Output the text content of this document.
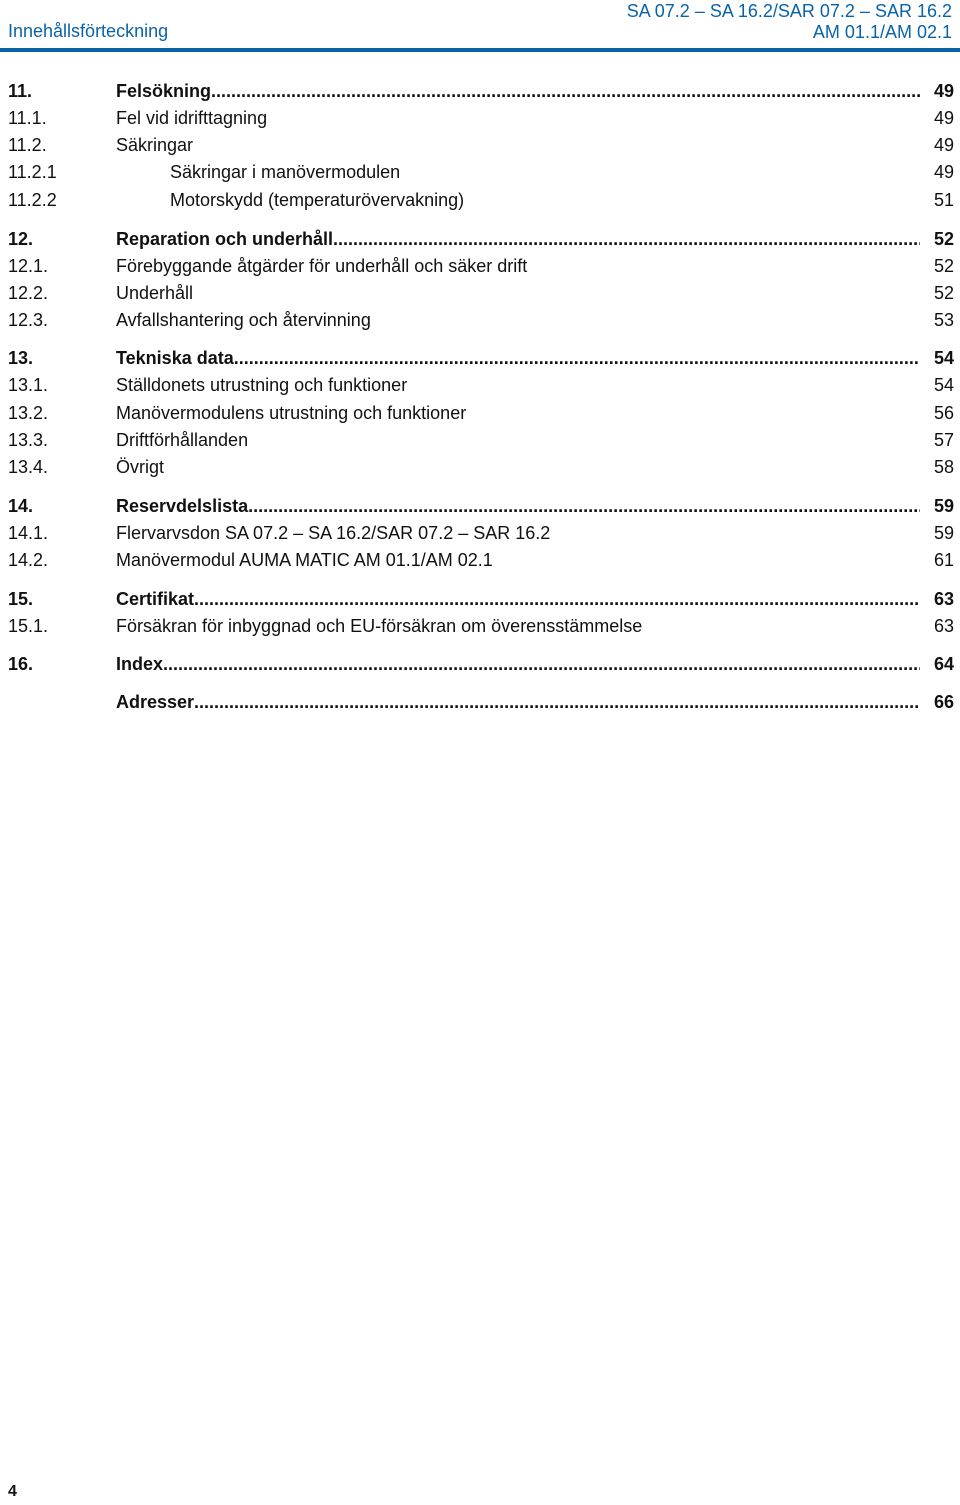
Innehållsförteckning
SA 07.2 – SA 16.2/SAR 07.2 – SAR 16.2
AM 01.1/AM 02.1
11.	Felsökning .....	49
11.1.	Fel vid idrifttagning	49
11.2.	Säkringar	49
11.2.1	Säkringar i manövermodulen	49
11.2.2	Motorskydd (temperaturövervakning)	51
12.	Reparation och underhåll .....	52
12.1.	Förebyggande åtgärder för underhåll och säker drift	52
12.2.	Underhåll	52
12.3.	Avfallshantering och återvinning	53
13.	Tekniska data .....	54
13.1.	Ställdonets utrustning och funktioner	54
13.2.	Manövermodulens utrustning och funktioner	56
13.3.	Driftförhållanden	57
13.4.	Övrigt	58
14.	Reservdelslista .....	59
14.1.	Flervarvsdon SA 07.2 – SA 16.2/SAR 07.2 – SAR 16.2	59
14.2.	Manövermodul AUMA MATIC AM 01.1/AM 02.1	61
15.	Certifikat .....	63
15.1.	Försäkran för inbyggnad och EU-försäkran om överensstämmelse	63
16.	Index .....	64
Adresser .....	66
4
